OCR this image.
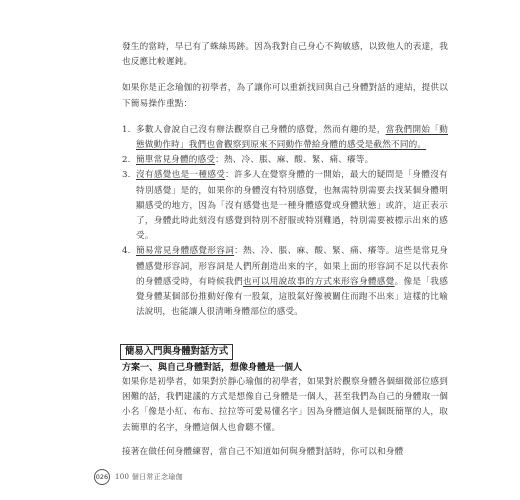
發生的當時，早已有了蛛絲馬跡。因為我對自己身心不夠敏感，以致他人的表達，我也反應比較遲鈍。

如果你是正念瑜伽的初學者，為了讓你可以重新找回與自己身體對話的連結，提供以下簡易操作重點：

1. 多數人會說自己沒有辦法觀察自己身體的感覺，然而有趣的是，當我們開始「動態做動作時」我們也會觀察到原來不同動作帶給身體的感受是截然不同的。
2. 簡單常見身體的感受：熱、冷、脹、麻、酸、緊、痛、癢等。
3. 沒有感覺也是一種感受：許多人在覺察身體的一開始，最大的疑問是「身體沒有特別感覺」是的，如果你的身體沒有特別感覺，也無需特別需要去找某個身體明顯感受的地方，因為「沒有感覺也是一種身體感覺或身體狀態」或許，這正表示了，身體此時此刻沒有感覺到特別不舒服或特別難過，特別需要被標示出來的感受。
4. 簡易常見身體感覺形容詞：熱、冷、脹、麻、酸、緊、痛、癢等。這些是常見身體感覺形容詞，形容詞是人們所創造出來的字，如果上面的形容詞不足以代表你的身體感受時，有時候我們也可以用說故事的方式來形容身體感覺。像是「我感覺身體某個部份推動好像有一股氣，這股氣好像被關住而跑不出來」這樣的比喻法說明，也能讓人很清晰身體部位的感受。
簡易入門與身體對話方式
方案一、與自己身體對話，想像身體是一個人

如果你是初學者，如果對於靜心瑜伽的初學者，如果對於觀察身體各個細微部位感到困難的話，我們建議的方式是想像自己身體是一個人，甚至我們為自己的身體取一個小名「像是小紅、布布、拉拉等可愛易懂名字」因為身體這個人是個既簡單的人，取去簡單的名字，身體這個人也會聽不懂。

接著在做任何身體練習，當自己不知道如何與身體對話時，你可以和身體

026 100 個日常正念瑜伽
